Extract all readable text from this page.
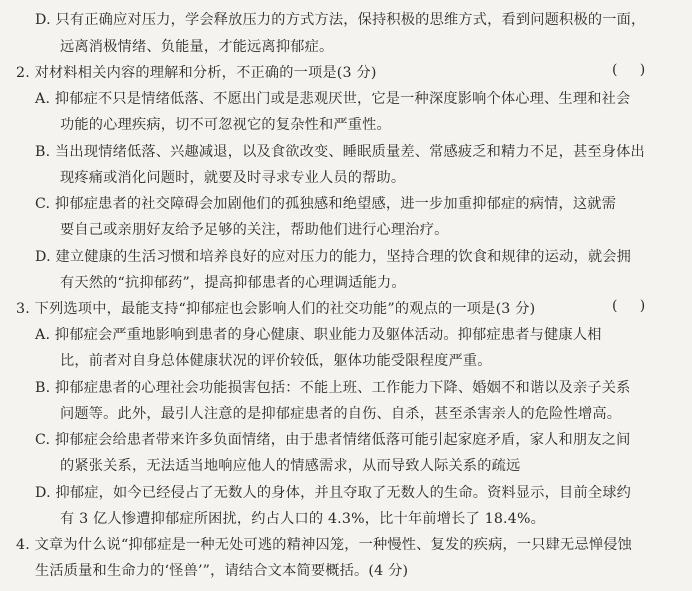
D. 只有正确应对压力，学会释放压力的方式方法，保持积极的思维方式，看到问题积极的一面，
远离消极情绪、负能量，才能远离抑郁症。
2. 对材料相关内容的理解和分析，不正确的一项是(3 分)	(     )
A. 抑郁症不只是情绪低落、不愿出门或是悲观厌世，它是一种深度影响个体心理、生理和社会
功能的心理疾病，切不可忽视它的复杂性和严重性。
B. 当出现情绪低落、兴趣减退，以及食欲改变、睡眠质量差、常感疲乏和精力不足，甚至身体出
现疼痛或消化问题时，就要及时寻求专业人员的帮助。
C. 抑郁症患者的社交障碍会加剧他们的孤独感和绝望感，进一步加重抑郁症的病情，这就需
要自己或亲朋好友给予足够的关注，帮助他们进行心理治疗。
D. 建立健康的生活习惯和培养良好的应对压力的能力，坚持合理的饮食和规律的运动，就会拥
有天然的“抗抑郁药”，提高抑郁患者的心理调适能力。
3. 下列选项中，最能支持“抑郁症也会影响人们的社交功能”的观点的一项是(3 分)	(     )
A. 抑郁症会严重地影响到患者的身心健康、职业能力及躯体活动。抑郁症患者与健康人相
比，前者对自身总体健康状况的评价较低，躯体功能受限程度严重。
B. 抑郁症患者的心理社会功能损害包括：不能上班、工作能力下降、婚姻不和谐以及亲子关系
问题等。此外，最引人注意的是抑郁症患者的自伤、自杀，甚至杀害亲人的危险性增高。
C. 抑郁症会给患者带来许多负面情绪，由于患者情绪低落可能引起家庭矛盾，家人和朋友之间
的紧张关系，无法适当地响应他人的情感需求，从而导致人际关系的疏远
D. 抑郁症，如今已经侵占了无数人的身体，并且夺取了无数人的生命。资料显示，目前全球约
有 3 亿人惨遭抑郁症所困扰，约占人口的 4.3%，比十年前增长了 18.4%。
4. 文章为什么说“抑郁症是一种无处可逃的精神囚笼，一种慢性、复发的疾病，一只肆无忌惮侵蚀
生活质量和生命力的‘怪兽’”，请结合文本简要概括。(4 分)
